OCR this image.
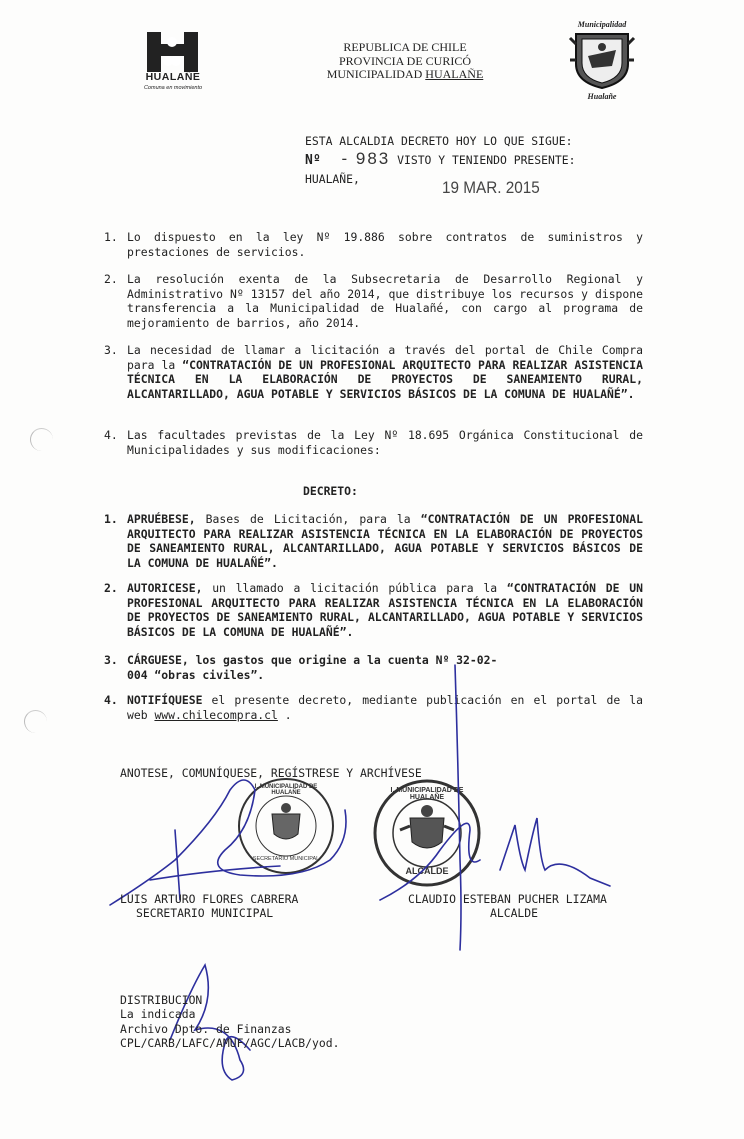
HUALAÑE
Comuna en movimiento
REPUBLICA DE CHILE
PROVINCIA DE CURICÓ
MUNICIPALIDAD HUALAÑE
Municipalidad
Hualañe
ESTA ALCALDIA DECRETO HOY LO QUE SIGUE:
Nº - 983 VISTO Y TENIENDO PRESENTE:
HUALAÑE,	19 MAR. 2015
1. Lo dispuesto en la ley Nº 19.886 sobre contratos de suministros y prestaciones de servicios.
2. La resolución exenta de la Subsecretaria de Desarrollo Regional y Administrativo Nº 13157 del año 2014, que distribuye los recursos y dispone transferencia a la Municipalidad de Hualañé, con cargo al programa de mejoramiento de barrios, año 2014.
3. La necesidad de llamar a licitación a través del portal de Chile Compra para la “CONTRATACIÓN DE UN PROFESIONAL ARQUITECTO PARA REALIZAR ASISTENCIA TÉCNICA EN LA ELABORACIÓN DE PROYECTOS DE SANEAMIENTO RURAL, ALCANTARILLADO, AGUA POTABLE Y SERVICIOS BÁSICOS DE LA COMUNA DE HUALAÑÉ”.
4. Las facultades previstas de la Ley Nº 18.695 Orgánica Constitucional de Municipalidades y sus modificaciones:
DECRETO:
1. APRUÉBESE, Bases de Licitación, para la “CONTRATACIÓN DE UN PROFESIONAL ARQUITECTO PARA REALIZAR ASISTENCIA TÉCNICA EN LA ELABORACIÓN DE PROYECTOS DE SANEAMIENTO RURAL, ALCANTARILLADO, AGUA POTABLE Y SERVICIOS BÁSICOS DE LA COMUNA DE HUALAÑÉ”.
2. AUTORICESE, un llamado a licitación pública para la “CONTRATACIÓN DE UN PROFESIONAL ARQUITECTO PARA REALIZAR ASISTENCIA TÉCNICA EN LA ELABORACIÓN DE PROYECTOS DE SANEAMIENTO RURAL, ALCANTARILLADO, AGUA POTABLE Y SERVICIOS BÁSICOS DE LA COMUNA DE HUALAÑÉ”.
3. CÁRGUESE, los gastos que origine a la cuenta Nº 32-02-004 “obras civiles”.
4. NOTIFÍQUESE el presente decreto, mediante publicación en el portal de la web www.chilecompra.cl .
ANOTESE, COMUNÍQUESE, REGÍSTRESE Y ARCHÍVESE
I. MUNICIPALIDAD DE HUALAÑE
SECRETARIO MUNICIPAL
I. MUNICIPALIDAD DE HUALAÑE
ALCALDE
LUIS ARTURO FLORES CABRERA
SECRETARIO MUNICIPAL
CLAUDIO ESTEBAN PUCHER LIZAMA
ALCALDE
DISTRIBUCION
La indicada
Archivo Dpto. de Finanzas
CPL/CARB/LAFC/AMUF/AGC/LACB/yod.
